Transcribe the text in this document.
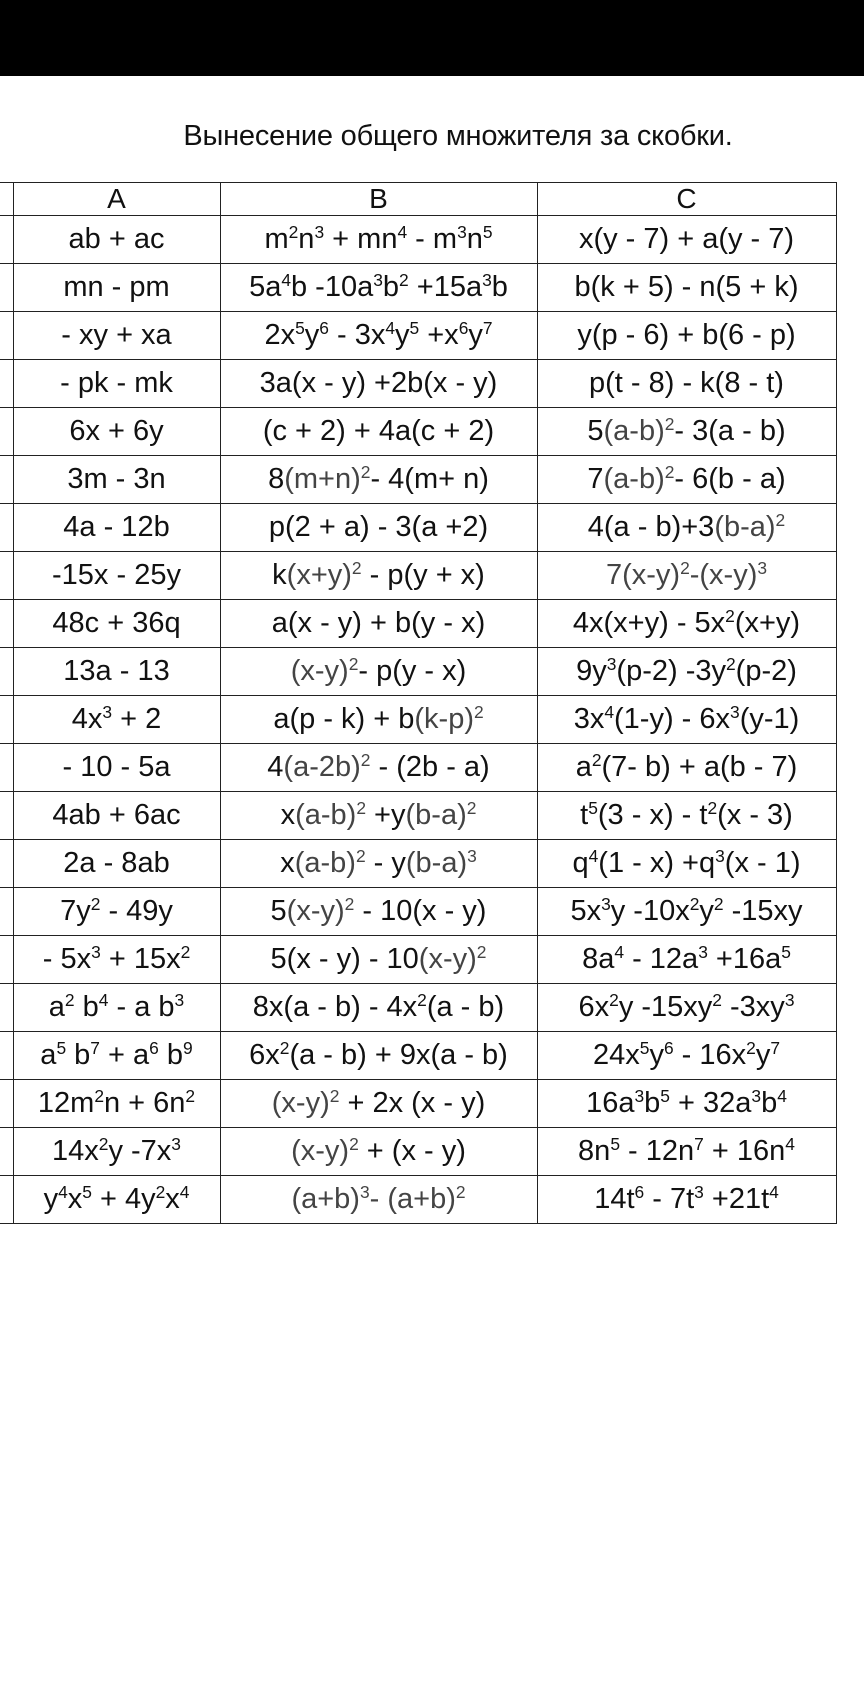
Вынесение общего множителя за скобки.
	A	B	C
	ab + ac	$m^2n^3 + mn^4 - m^3n^5$	x(y - 7) + a(y - 7)
	mn - pm	$5a^4b$ $-10a^3b^2 +15a^3b$	b(k + 5) - n(5 + k)
	- xy + xa	$2x^5y^6 - 3x^4y^5 +x^6y^7$	y(p - 6) + b(6 - p)
	- pk - mk	3a(x - y) +2b(x - y)	p(t - 8) - k(8 - t)
	6x + 6y	(c + 2) + 4a(c + 2)	$5(a-b)^2-$ 3(a - b)
	3m - 3n	$8(m+n)^2-$ 4(m+ n)	$7(a-b)^2-$ 6(b - a)
	4a - 12b	p(2 + a) - 3(a +2)	$4(a - b)+3(b-a)^2$
	-15x - 25y	$k(x+y)^2 - p(y + x)$	$7(x-y)^2-(x-y)^3$
	48c + 36q	a(x - y) + b(y - x)	$4x(x+y) - 5x^2(x+y)$
	13a - 13	$(x-y)^2-$ p(y - x)	$9y^3(p-2)$ $-3y^2(p-2)$
	$4x^3 + 2$	$a(p - k) + b(k-p)^2$	$3x^4(1-y) - 6x^3(y-1)$
	- 10 - 5a	$4(a-2b)^2 - (2b - a)$	$a^2(7-$ b) + a(b - 7)
	4ab + 6ac	$x(a-b)^2 +y(b-a)^2$	$t^5(3 - x) - t^2(x - 3)$
	2a - 8ab	$x(a-b)^2 - y(b-a)^3$	$q^4(1 - x) +q^3(x - 1)$
	$7y^2 - 49y$	$5(x-y)^2 - 10(x - y)$	$5x^3y$ $-10x^2y^2$ -15xy
	- $5x^3 + 15x^2$	$5(x - y) - 10(x-y)^2$	$8a^4 - 12a^3 +16a^5$
	$a^2$ $b^4$ - a $b^3$	$8x(a - b) - 4x^2(a - b)$	$6x^2y$ $-15xy^2$ $-3xy^3$
	$a^5$ $b^7 + a^6$ $b^9$	$6x^2(a - b) + 9x(a - b)$	$24x^5y^6 - 16x^2y^7$
	$12m^2n + 6n^2$	$(x-y)^2 + 2x$ (x - y)	$16a^3b^5 + 32a^3b^4$
	$14x^2y$ $-7x^3$	$(x-y)^2 + (x - y)$	$8n^5 - 12n^7 + 16n^4$
	$y^4x^5 + 4y^2x^4$	$(a+b)^3-$ $(a+b)^2$	$14t^6 - 7t^3 +21t^4$
